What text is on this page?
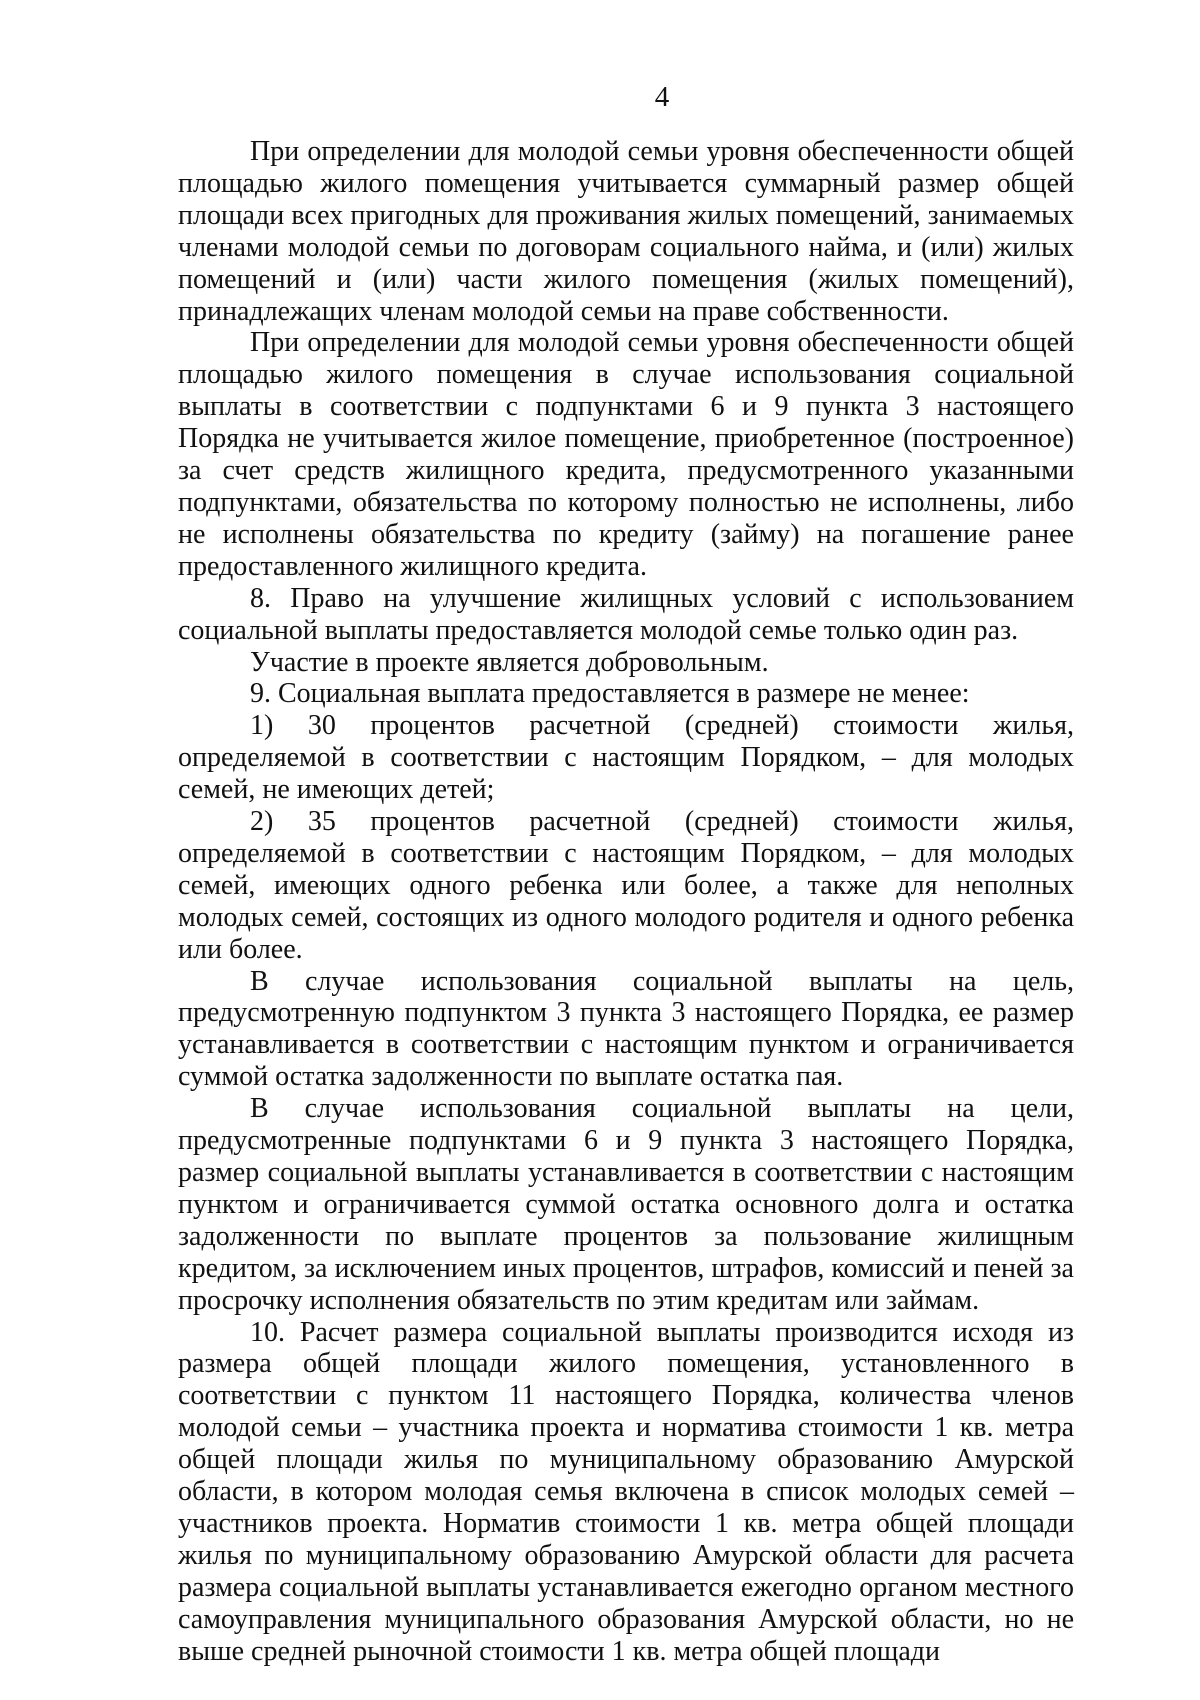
4

При определении для молодой семьи уровня обеспеченности общей площадью жилого помещения учитывается суммарный размер общей площади всех пригодных для проживания жилых помещений, занимаемых членами молодой семьи по договорам социального найма, и (или) жилых помещений и (или) части жилого помещения (жилых помещений), принадлежащих членам молодой семьи на праве собственности.

При определении для молодой семьи уровня обеспеченности общей площадью жилого помещения в случае использования социальной выплаты в соответствии с подпунктами 6 и 9 пункта 3 настоящего Порядка не учитывается жилое помещение, приобретенное (построенное) за счет средств жилищного кредита, предусмотренного указанными подпунктами, обязательства по которому полностью не исполнены, либо не исполнены обязательства по кредиту (займу) на погашение ранее предоставленного жилищного кредита.

8. Право на улучшение жилищных условий с использованием социальной выплаты предоставляется молодой семье только один раз.

Участие в проекте является добровольным.

9. Социальная выплата предоставляется в размере не менее:

1) 30 процентов расчетной (средней) стоимости жилья, определяемой в соответствии с настоящим Порядком, – для молодых семей, не имеющих детей;

2) 35 процентов расчетной (средней) стоимости жилья, определяемой в соответствии с настоящим Порядком, – для молодых семей, имеющих одного ребенка или более, а также для неполных молодых семей, состоящих из одного молодого родителя и одного ребенка или более.

В случае использования социальной выплаты на цель, предусмотренную подпунктом 3 пункта 3 настоящего Порядка, ее размер устанавливается в соответствии с настоящим пунктом и ограничивается суммой остатка задолженности по выплате остатка пая.

В случае использования социальной выплаты на цели, предусмотренные подпунктами 6 и 9 пункта 3 настоящего Порядка, размер социальной выплаты устанавливается в соответствии с настоящим пунктом и ограничивается суммой остатка основного долга и остатка задолженности по выплате процентов за пользование жилищным кредитом, за исключением иных процентов, штрафов, комиссий и пеней за просрочку исполнения обязательств по этим кредитам или займам.

10. Расчет размера социальной выплаты производится исходя из размера общей площади жилого помещения, установленного в соответствии с пунктом 11 настоящего Порядка, количества членов молодой семьи – участника проекта и норматива стоимости 1 кв. метра общей площади жилья по муниципальному образованию Амурской области, в котором молодая семья включена в список молодых семей – участников проекта. Норматив стоимости 1 кв. метра общей площади жилья по муниципальному образованию Амурской области для расчета размера социальной выплаты устанавливается ежегодно органом местного самоуправления муниципального образования Амурской области, но не выше средней рыночной стоимости 1 кв. метра общей площади
